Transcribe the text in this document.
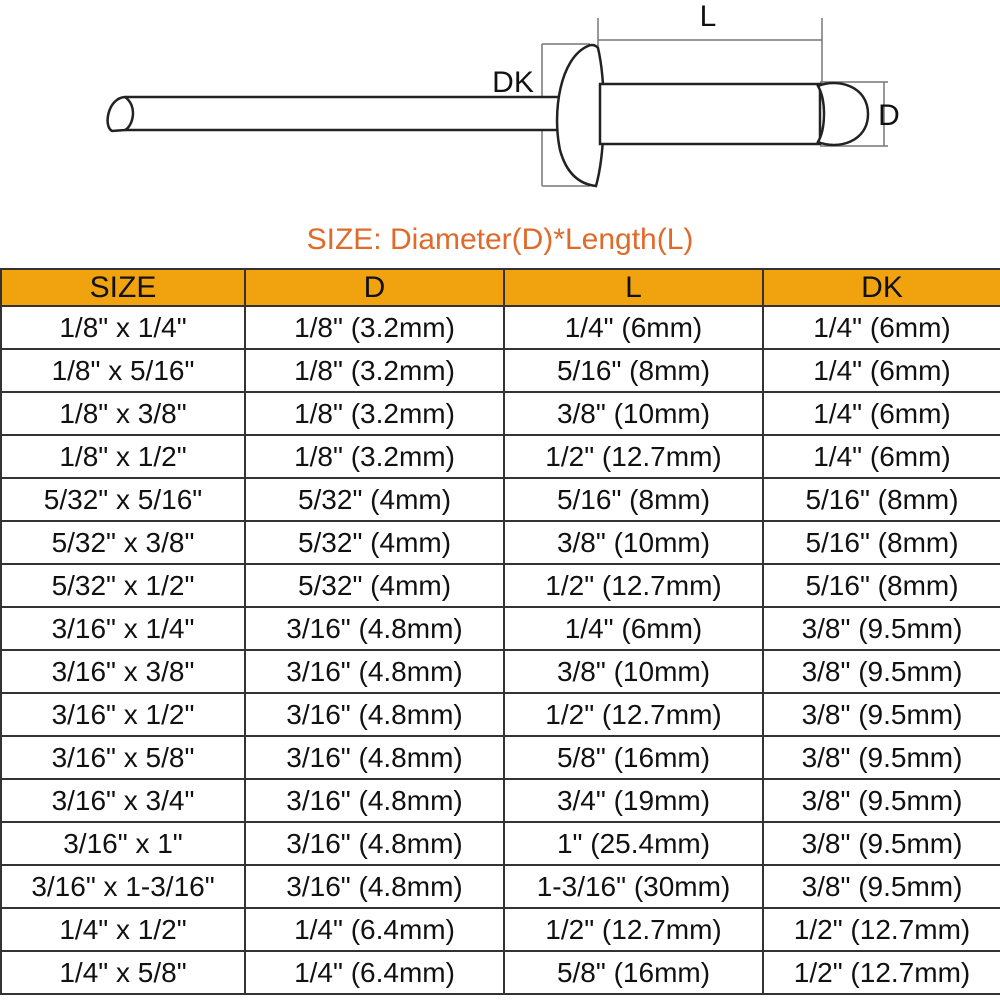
L
DK
D
SIZE: Diameter(D)*Length(L)
SIZE	D	L	DK
1/8" x 1/4"	1/8" (3.2mm)	1/4" (6mm)	1/4" (6mm)
1/8" x 5/16"	1/8" (3.2mm)	5/16" (8mm)	1/4" (6mm)
1/8" x 3/8"	1/8" (3.2mm)	3/8" (10mm)	1/4" (6mm)
1/8" x 1/2"	1/8" (3.2mm)	1/2" (12.7mm)	1/4" (6mm)
5/32" x 5/16"	5/32" (4mm)	5/16" (8mm)	5/16" (8mm)
5/32" x 3/8"	5/32" (4mm)	3/8" (10mm)	5/16" (8mm)
5/32" x 1/2"	5/32" (4mm)	1/2" (12.7mm)	5/16" (8mm)
3/16" x 1/4"	3/16" (4.8mm)	1/4" (6mm)	3/8" (9.5mm)
3/16" x 3/8"	3/16" (4.8mm)	3/8" (10mm)	3/8" (9.5mm)
3/16" x 1/2"	3/16" (4.8mm)	1/2" (12.7mm)	3/8" (9.5mm)
3/16" x 5/8"	3/16" (4.8mm)	5/8" (16mm)	3/8" (9.5mm)
3/16" x 3/4"	3/16" (4.8mm)	3/4" (19mm)	3/8" (9.5mm)
3/16" x 1"	3/16" (4.8mm)	1" (25.4mm)	3/8" (9.5mm)
3/16" x 1-3/16"	3/16" (4.8mm)	1-3/16" (30mm)	3/8" (9.5mm)
1/4" x 1/2"	1/4" (6.4mm)	1/2" (12.7mm)	1/2" (12.7mm)
1/4" x 5/8"	1/4" (6.4mm)	5/8" (16mm)	1/2" (12.7mm)
